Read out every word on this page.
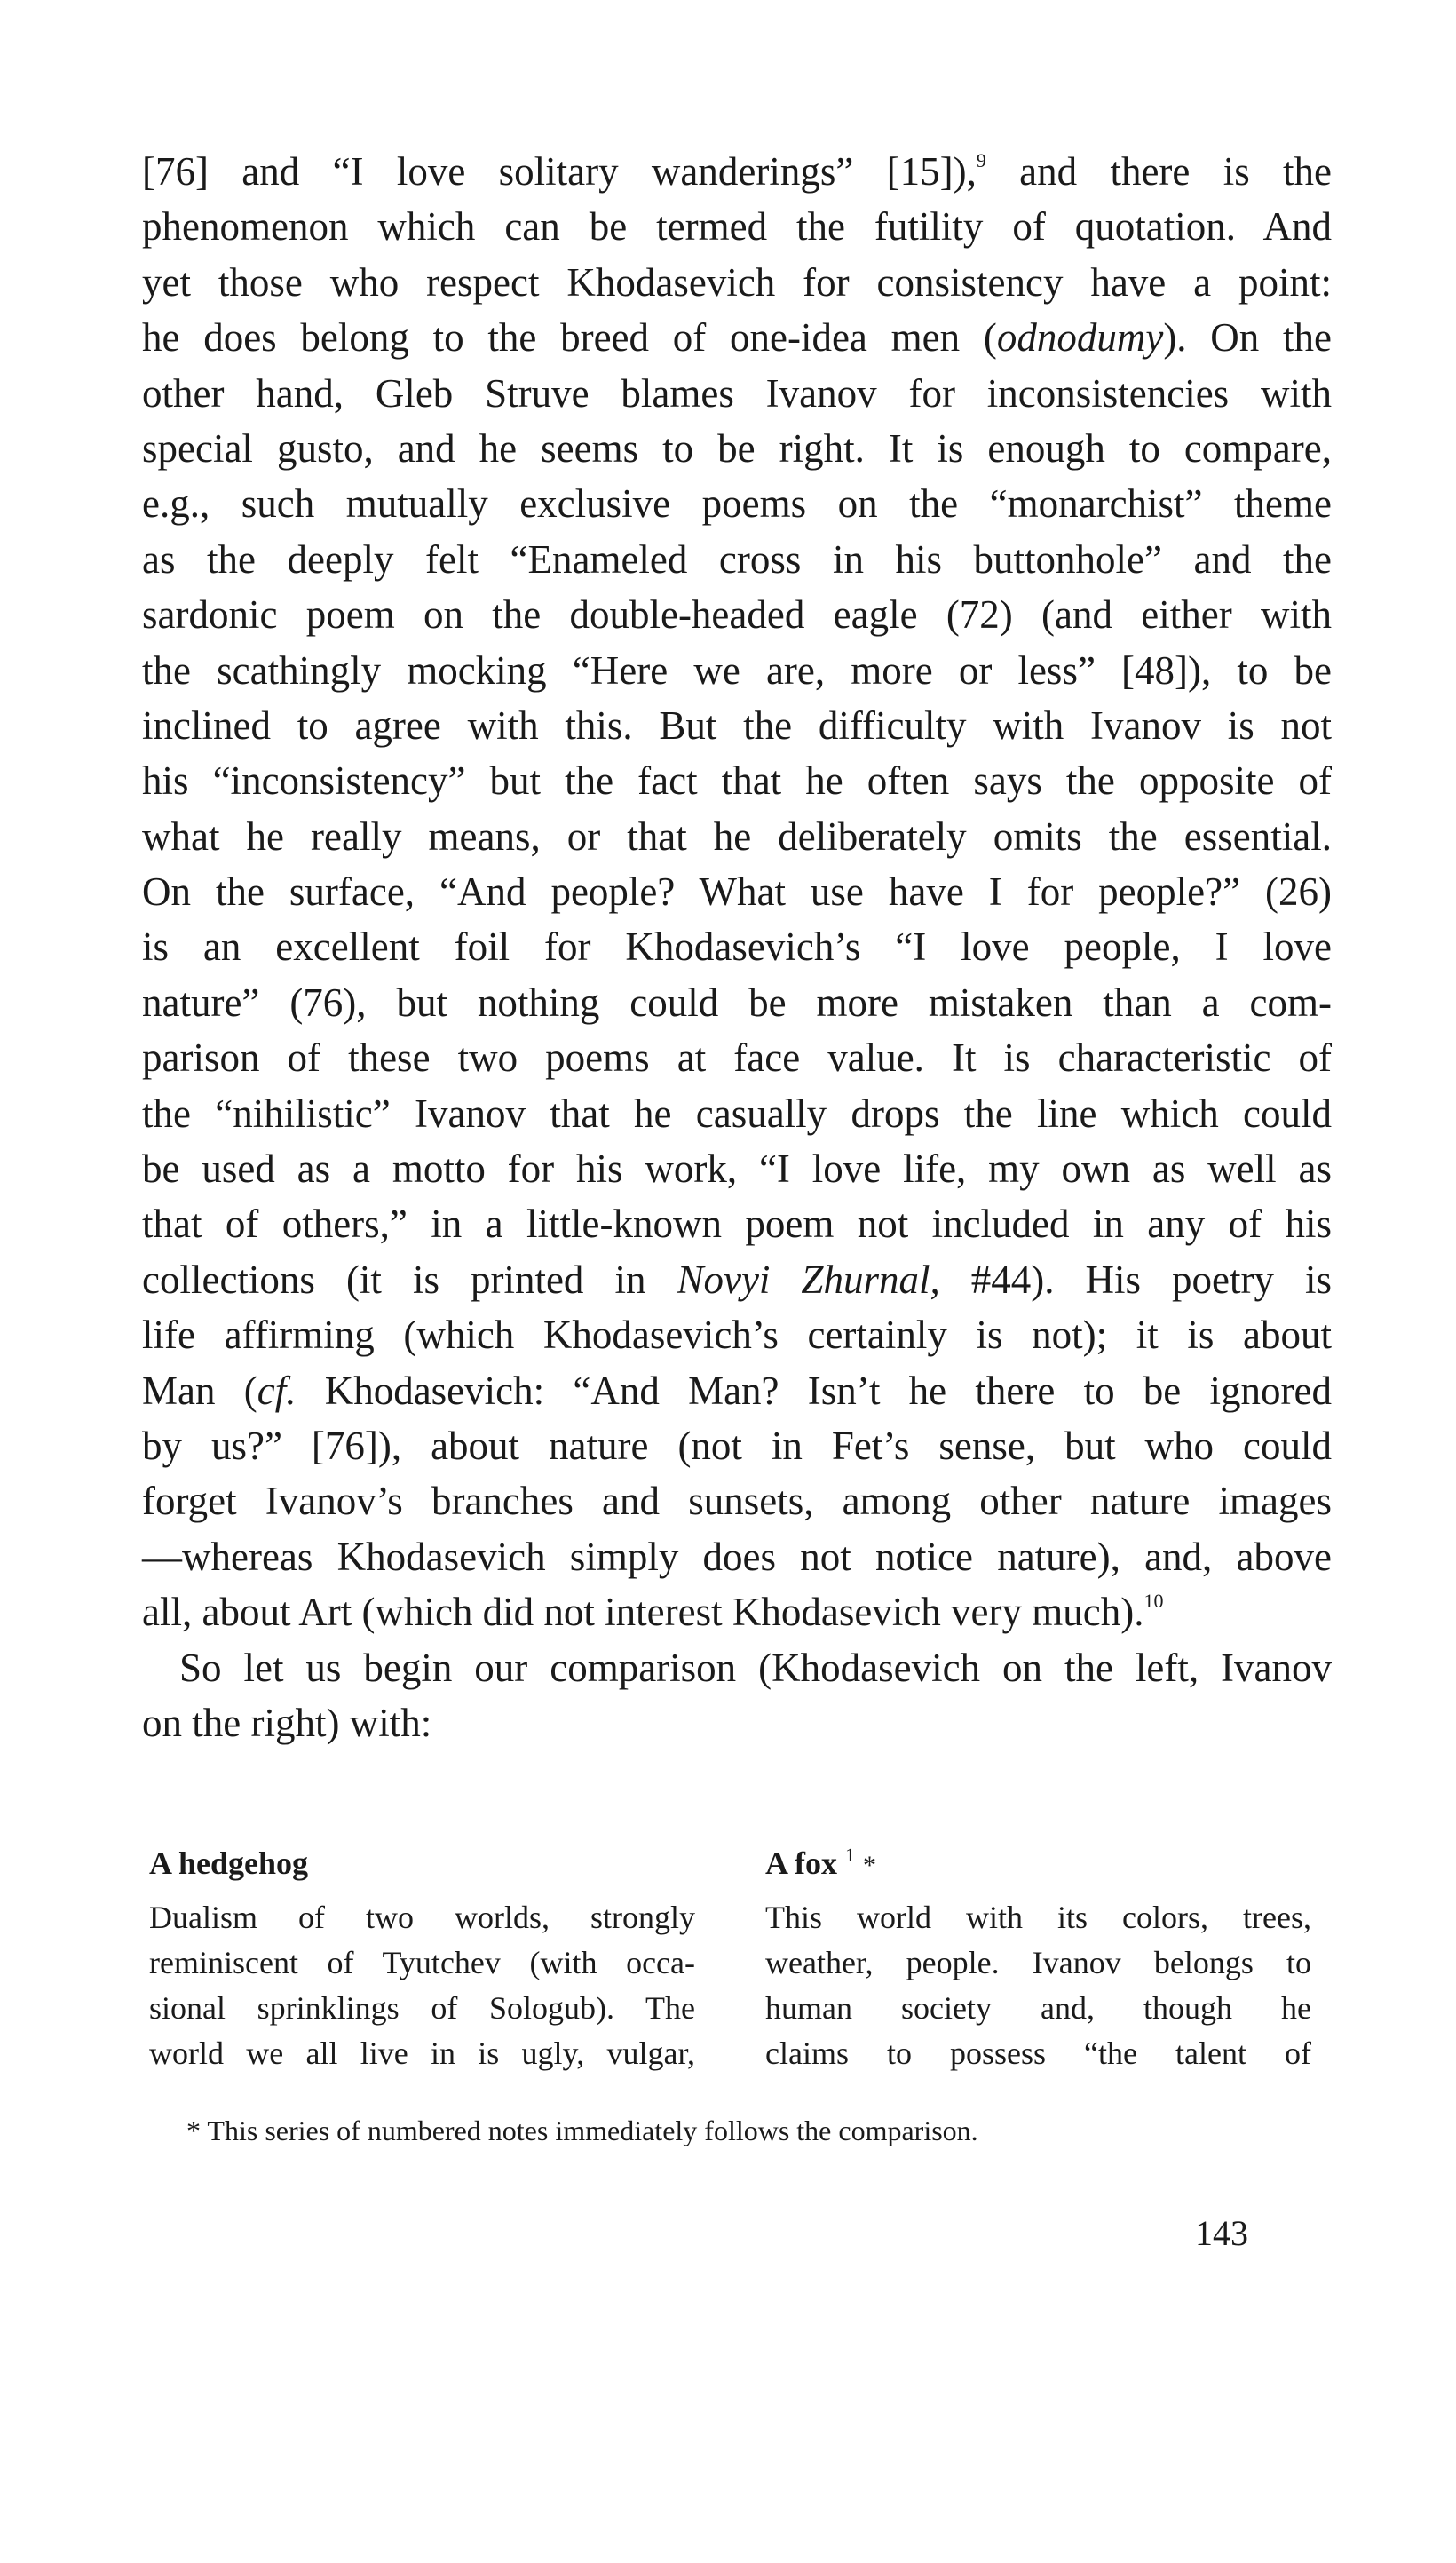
[76] and “I love solitary wanderings” [15]),$^9$ and there is the
phenomenon which can be termed the futility of quotation. And
yet those who respect Khodasevich for consistency have a point:
he does belong to the breed of one-idea men (odnodumy). On the
other hand, Gleb Struve blames Ivanov for inconsistencies with
special gusto, and he seems to be right. It is enough to compare,
e.g., such mutually exclusive poems on the “monarchist” theme
as the deeply felt “Enameled cross in his buttonhole” and the
sardonic poem on the double-headed eagle (72) (and either with
the scathingly mocking “Here we are, more or less” [48]), to be
inclined to agree with this. But the difficulty with Ivanov is not
his “inconsistency” but the fact that he often says the opposite of
what he really means, or that he deliberately omits the essential.
On the surface, “And people? What use have I for people?” (26)
is an excellent foil for Khodasevich’s “I love people, I love
nature” (76), but nothing could be more mistaken than a com-
parison of these two poems at face value. It is characteristic of
the “nihilistic” Ivanov that he casually drops the line which could
be used as a motto for his work, “I love life, my own as well as
that of others,” in a little-known poem not included in any of his
collections (it is printed in Novyi Zhurnal, #44). His poetry is
life affirming (which Khodasevich’s certainly is not); it is about
Man (cf. Khodasevich: “And Man? Isn’t he there to be ignored
by us?” [76]), about nature (not in Fet’s sense, but who could
forget Ivanov’s branches and sunsets, among other nature images
—whereas Khodasevich simply does not notice nature), and, above
all, about Art (which did not interest Khodasevich very much).$^{10}$
So let us begin our comparison (Khodasevich on the left, Ivanov
on the right) with:
A hedgehog
Dualism of two worlds, strongly
reminiscent of Tyutchev (with occa-
sional sprinklings of Sologub). The
world we all live in is ugly, vulgar,
A fox $^1$ *
This world with its colors, trees,
weather, people. Ivanov belongs to
human society and, though he
claims to possess “the talent of
* This series of numbered notes immediately follows the comparison.
143
